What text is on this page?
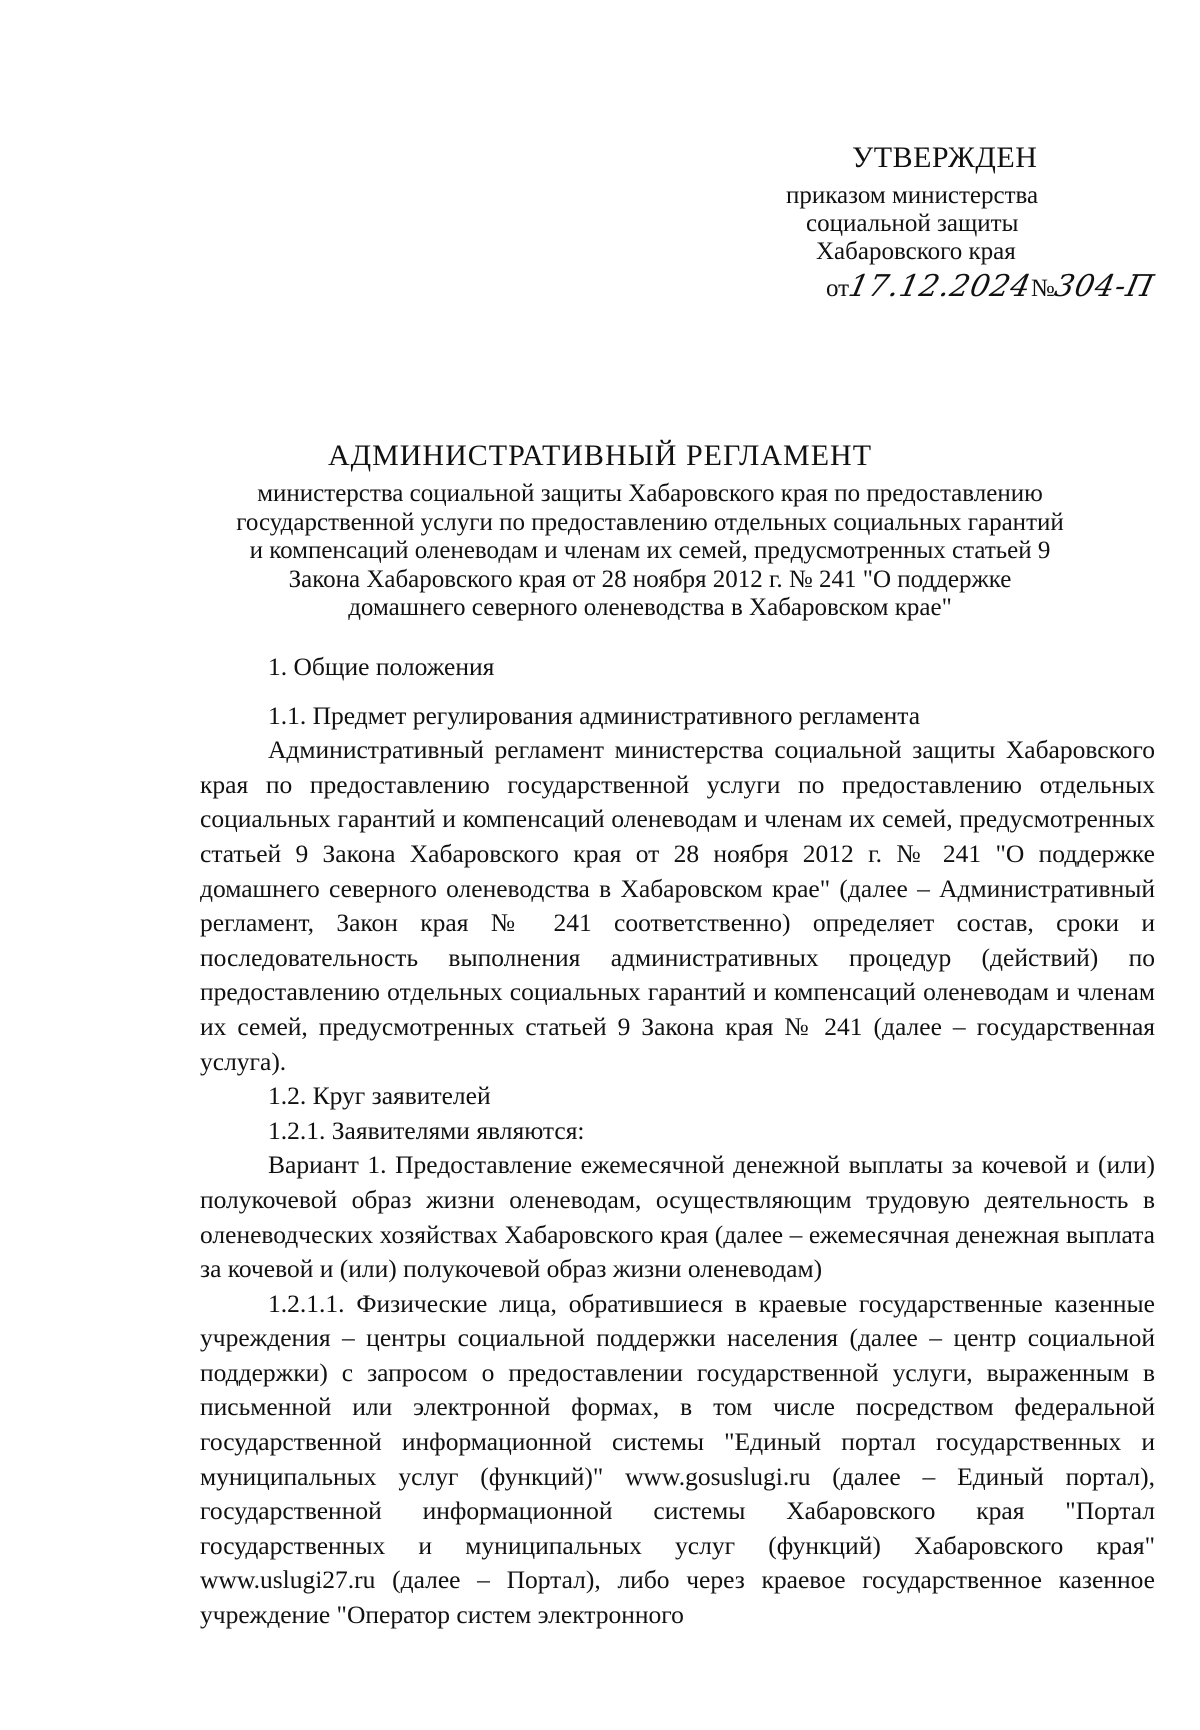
УТВЕРЖДЕН
приказом министерства
социальной защиты
Хабаровского края
от17.12.2024№304-П
АДМИНИСТРАТИВНЫЙ РЕГЛАМЕНТ
министерства социальной защиты Хабаровского края по предоставлению
государственной услуги по предоставлению отдельных социальных гарантий
и компенсаций оленеводам и членам их семей, предусмотренных статьей 9
Закона Хабаровского края от 28 ноября 2012 г. № 241 "О поддержке
домашнего северного оленеводства в Хабаровском крае"
1. Общие положения
1.1. Предмет регулирования административного регламента

Административный регламент министерства социальной защиты Хабаровского края по предоставлению государственной услуги по предоставлению отдельных социальных гарантий и компенсаций оленеводам и членам их семей, предусмотренных статьей 9 Закона Хабаровского края от 28 ноября 2012 г. № 241 "О поддержке домашнего северного оленеводства в Хабаровском крае" (далее – Административный регламент, Закон края № 241 соответственно) определяет состав, сроки и последовательность выполнения административных процедур (действий) по предоставлению отдельных социальных гарантий и компенсаций оленеводам и членам их семей, предусмотренных статьей 9 Закона края № 241 (далее – государственная услуга).

1.2. Круг заявителей
1.2.1. Заявителями являются:

Вариант 1. Предоставление ежемесячной денежной выплаты за кочевой и (или) полукочевой образ жизни оленеводам, осуществляющим трудовую деятельность в оленеводческих хозяйствах Хабаровского края (далее – ежемесячная денежная выплата за кочевой и (или) полукочевой образ жизни оленеводам)

1.2.1.1. Физические лица, обратившиеся в краевые государственные казенные учреждения – центры социальной поддержки населения (далее – центр социальной поддержки) с запросом о предоставлении государственной услуги, выраженным в письменной или электронной формах, в том числе посредством федеральной государственной информационной системы "Единый портал государственных и муниципальных услуг (функций)" www.gosuslugi.ru (далее – Единый портал), государственной информационной системы Хабаровского края "Портал государственных и муниципальных услуг (функций) Хабаровского края" www.uslugi27.ru (далее – Портал), либо через краевое государственное казенное учреждение "Оператор систем электронного
